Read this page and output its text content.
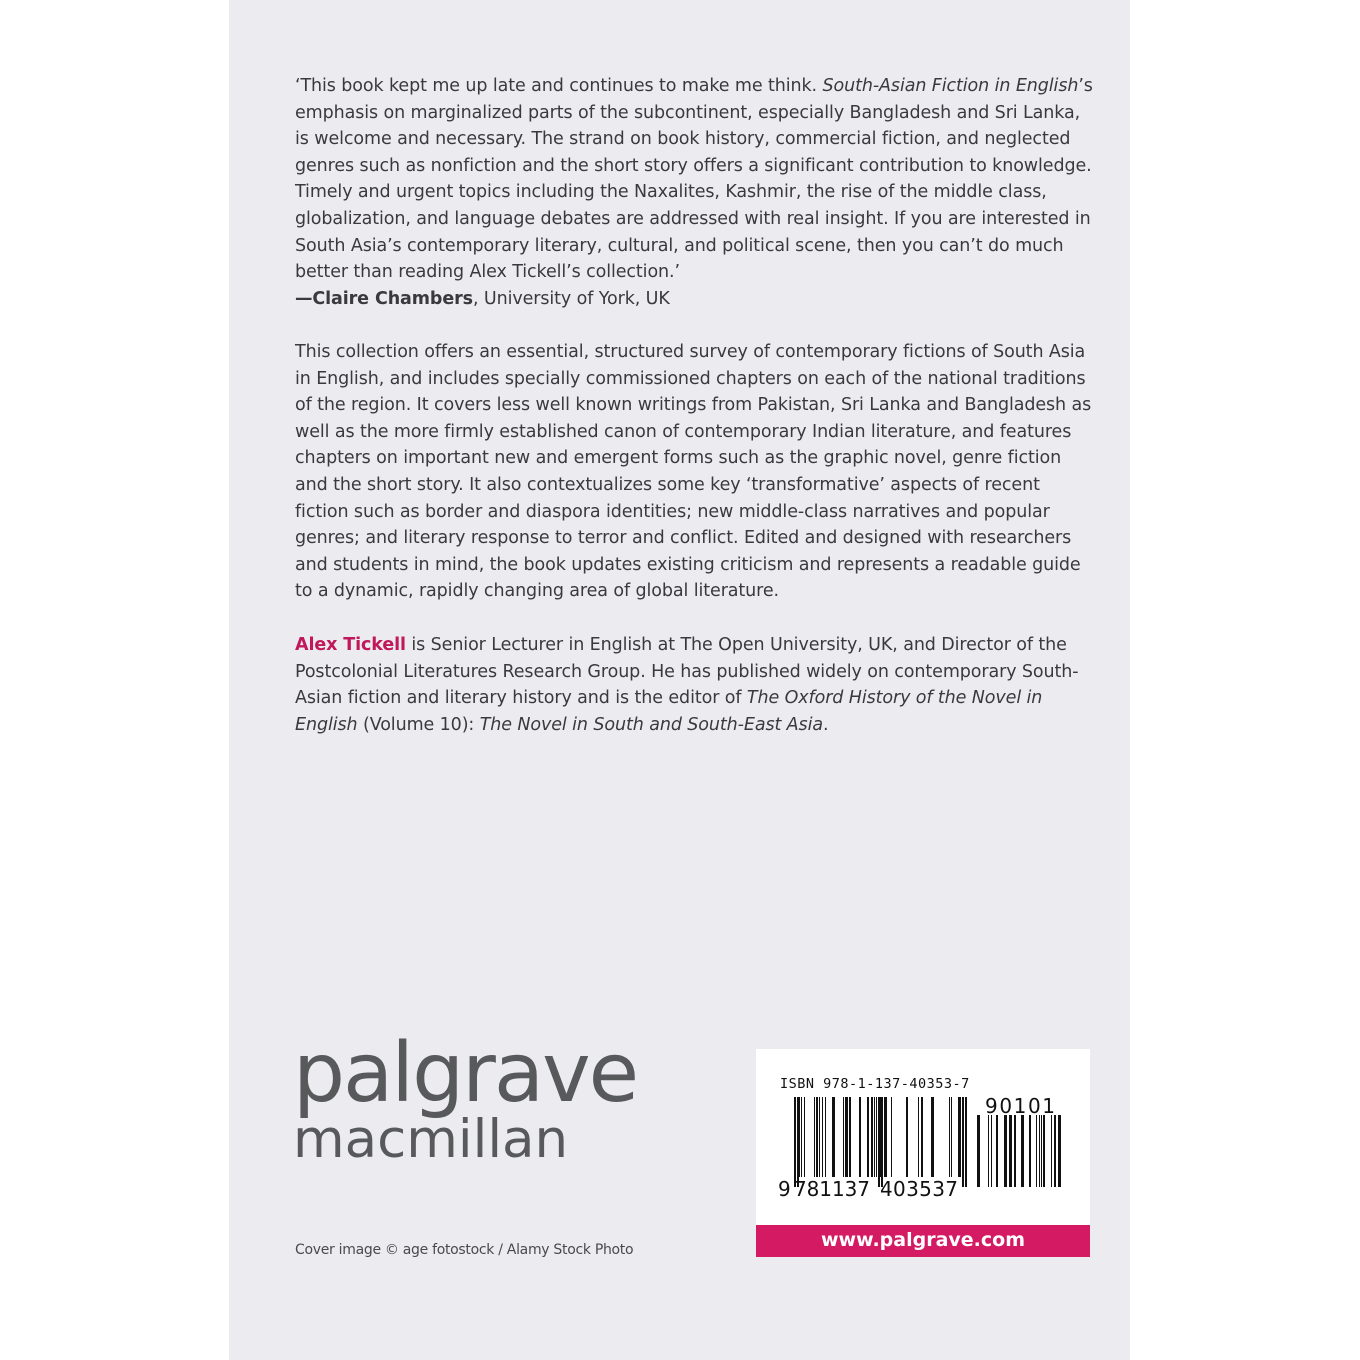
‘This book kept me up late and continues to make me think. South-Asian Fiction in English’s emphasis on marginalized parts of the subcontinent, especially Bangladesh and Sri Lanka, is welcome and necessary. The strand on book history, commercial fiction, and neglected genres such as nonfiction and the short story offers a significant contribution to knowledge. Timely and urgent topics including the Naxalites, Kashmir, the rise of the middle class, globalization, and language debates are addressed with real insight. If you are interested in South Asia’s contemporary literary, cultural, and political scene, then you can’t do much better than reading Alex Tickell’s collection.’

—Claire Chambers, University of York, UK

This collection offers an essential, structured survey of contemporary fictions of South Asia in English, and includes specially commissioned chapters on each of the national traditions of the region. It covers less well known writings from Pakistan, Sri Lanka and Bangladesh as well as the more firmly established canon of contemporary Indian literature, and features chapters on important new and emergent forms such as the graphic novel, genre fiction and the short story. It also contextualizes some key ‘transformative’ aspects of recent fiction such as border and diaspora identities; new middle-class narratives and popular genres; and literary response to terror and conflict. Edited and designed with researchers and students in mind, the book updates existing criticism and represents a readable guide to a dynamic, rapidly changing area of global literature.

Alex Tickell is Senior Lecturer in English at The Open University, UK, and Director of the Postcolonial Literatures Research Group. He has published widely on contemporary South-Asian fiction and literary history and is the editor of The Oxford History of the Novel in English (Volume 10): The Novel in South and South-East Asia.

palgrave
macmillan
Cover image © age fotostock / Alamy Stock Photo
ISBN 978-1-137-40353-7
9 781137 403537
90101
www.palgrave.com
